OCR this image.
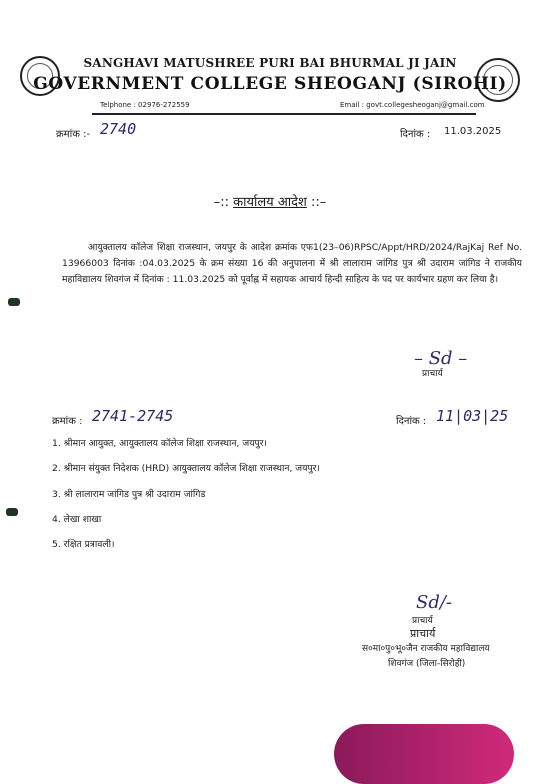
SANGHAVI MATUSHREE PURI BAI BHURMAL JI JAIN
GOVERNMENT COLLEGE SHEOGANJ (SIROHI)
Telphone : 02976-272559	Email : govt.collegesheoganj@gmail.com
क्रमांक :- 2740	दिनांक : 11.03.2025
–:: कार्यालय आदेश ::–
आयुक्तालय कॉलेज शिक्षा राजस्थान, जयपुर के आदेश क्रमांक एफ1(23–06)RPSC/Appt/HRD/2024/RajKaj Ref No. 13966003 दिनांक :04.03.2025 के क्रम संख्या 16 की अनुपालना में श्री लालाराम जांगिड पुत्र श्री उदाराम जांगिड ने राजकीय महाविद्यालय शिवगंज में दिनांक : 11.03.2025 को पूर्वाह्न में सहायक आचार्य हिन्दी साहित्य के पद पर कार्यभार ग्रहण कर लिया है।
– Sd –
प्राचार्य
क्रमांक : 2741-2745	दिनांक : 11|03|25
1. श्रीमान आयुक्त, आयुक्तालय कॉलेज शिक्षा राजस्थान, जयपुर।
2. श्रीमान संयुक्त निदेशक (HRD) आयुक्तालय कॉलेज शिक्षा राजस्थान, जयपुर।
3. श्री लालाराम जांगिड पुत्र श्री उदाराम जांगिड
4. लेखा शाखा
5. रक्षित प्रत्रावली।
Sd/-
प्राचार्य
प्राचार्य
स०मा०पु०भू०जैन राजकीय महाविद्यालय
शिवगंज (जिला-सिरोही)
